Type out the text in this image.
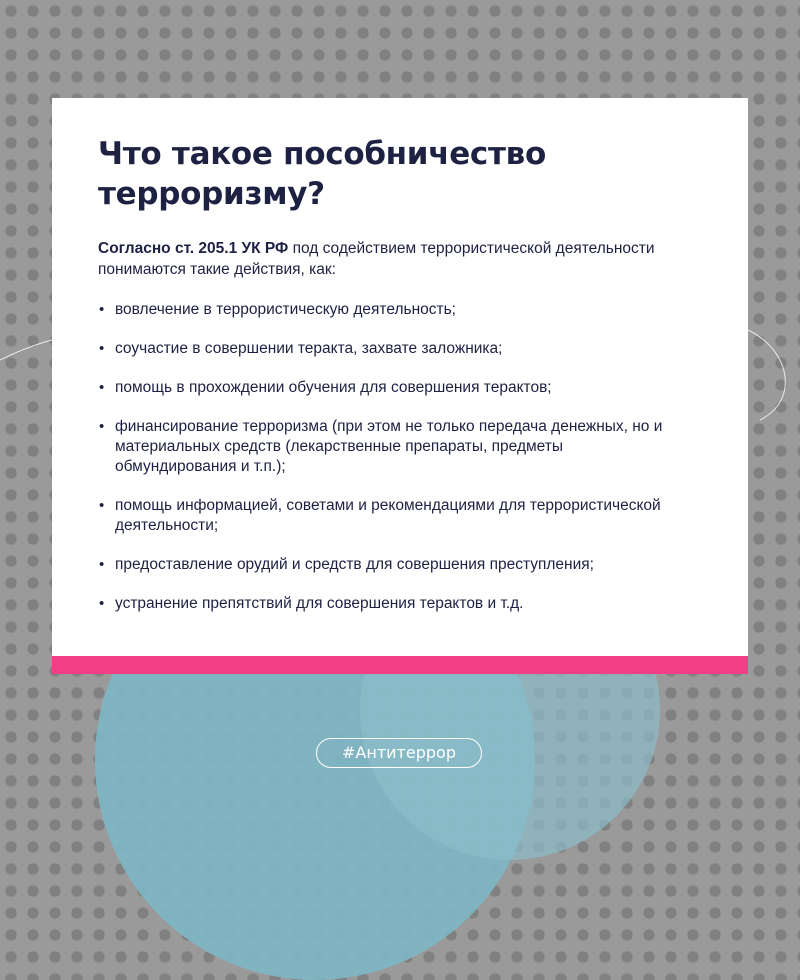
Что такое пособничество
терроризму?

Согласно ст. 205.1 УК РФ под содействием террористической деятельности понимаются такие действия, как:

• вовлечение в террористическую деятельность;
• соучастие в совершении теракта, захвате заложника;
• помощь в прохождении обучения для совершения терактов;
• финансирование терроризма (при этом не только передача денежных, но и материальных средств (лекарственные препараты, предметы обмундирования и т.п.);
• помощь информацией, советами и рекомендациями для террористической деятельности;
• предоставление орудий и средств для совершения преступления;
• устранение препятствий для совершения терактов и т.д.
#Антитеррор
